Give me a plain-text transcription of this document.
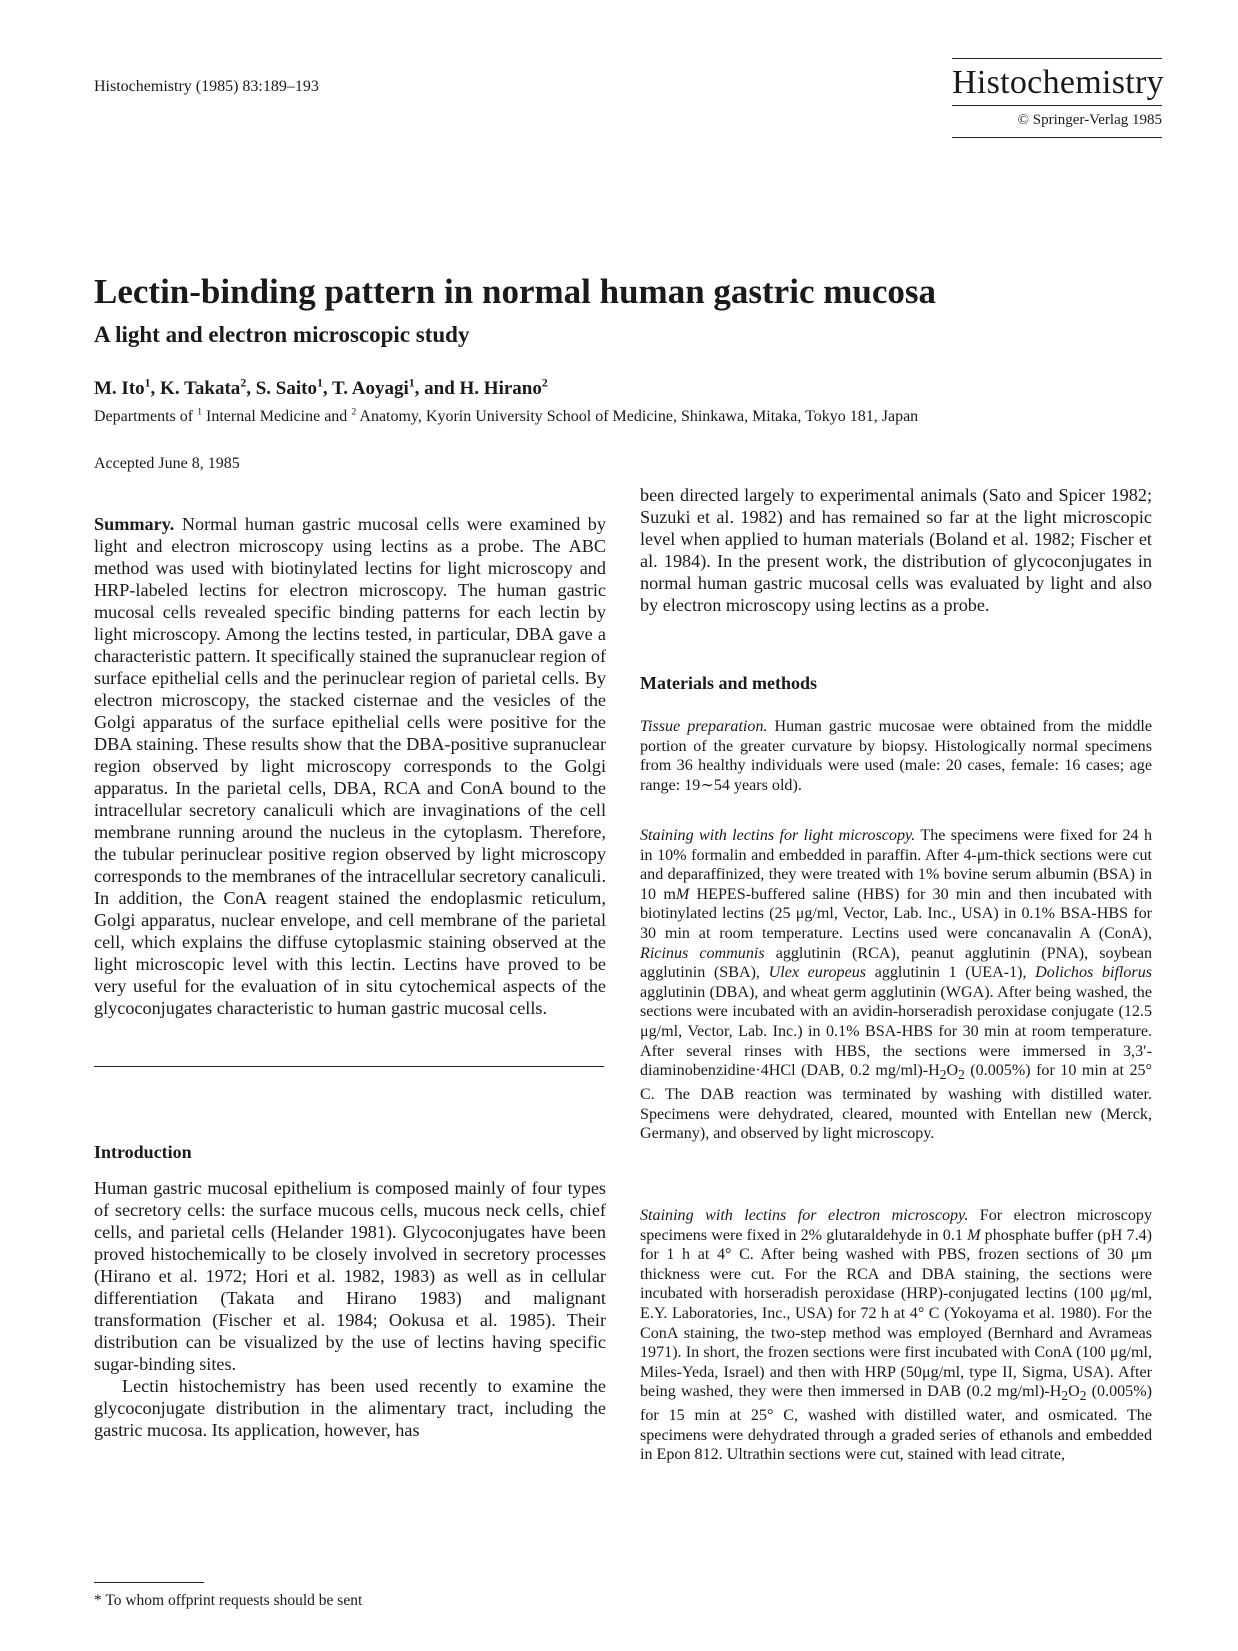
Histochemistry (1985) 83:189–193	Histochemistry
© Springer-Verlag 1985
Lectin-binding pattern in normal human gastric mucosa
A light and electron microscopic study
M. Ito$^1$, K. Takata$^2$, S. Saito$^1$, T. Aoyagi$^1$, and H. Hirano$^2$
Departments of $^1$ Internal Medicine and $^2$ Anatomy, Kyorin University School of Medicine, Shinkawa, Mitaka, Tokyo 181, Japan
Accepted June 8, 1985

Summary. Normal human gastric mucosal cells were examined by light and electron microscopy using lectins as a probe. The ABC method was used with biotinylated lectins for light microscopy and HRP-labeled lectins for electron microscopy. The human gastric mucosal cells revealed specific binding patterns for each lectin by light microscopy. Among the lectins tested, in particular, DBA gave a characteristic pattern. It specifically stained the supranuclear region of surface epithelial cells and the perinuclear region of parietal cells. By electron microscopy, the stacked cisternae and the vesicles of the Golgi apparatus of the surface epithelial cells were positive for the DBA staining. These results show that the DBA-positive supranuclear region observed by light microscopy corresponds to the Golgi apparatus. In the parietal cells, DBA, RCA and ConA bound to the intracellular secretory canaliculi which are invaginations of the cell membrane running around the nucleus in the cytoplasm. Therefore, the tubular perinuclear positive region observed by light microscopy corresponds to the membranes of the intracellular secretory canaliculi. In addition, the ConA reagent stained the endoplasmic reticulum, Golgi apparatus, nuclear envelope, and cell membrane of the parietal cell, which explains the diffuse cytoplasmic staining observed at the light microscopic level with this lectin. Lectins have proved to be very useful for the evaluation of in situ cytochemical aspects of the glycoconjugates characteristic to human gastric mucosal cells.

Introduction

Human gastric mucosal epithelium is composed mainly of four types of secretory cells: the surface mucous cells, mucous neck cells, chief cells, and parietal cells (Helander 1981). Glycoconjugates have been proved histochemically to be closely involved in secretory processes (Hirano et al. 1972; Hori et al. 1982, 1983) as well as in cellular differentiation (Takata and Hirano 1983) and malignant transformation (Fischer et al. 1984; Ookusa et al. 1985). Their distribution can be visualized by the use of lectins having specific sugar-binding sites.

Lectin histochemistry has been used recently to examine the glycoconjugate distribution in the alimentary tract, including the gastric mucosa. Its application, however, has

been directed largely to experimental animals (Sato and Spicer 1982; Suzuki et al. 1982) and has remained so far at the light microscopic level when applied to human materials (Boland et al. 1982; Fischer et al. 1984). In the present work, the distribution of glycoconjugates in normal human gastric mucosal cells was evaluated by light and also by electron microscopy using lectins as a probe.

Materials and methods

Tissue preparation. Human gastric mucosae were obtained from the middle portion of the greater curvature by biopsy. Histologically normal specimens from 36 healthy individuals were used (male: 20 cases, female: 16 cases; age range: 19∼54 years old).

Staining with lectins for light microscopy. The specimens were fixed for 24 h in 10% formalin and embedded in paraffin. After 4-μm-thick sections were cut and deparaffinized, they were treated with 1% bovine serum albumin (BSA) in 10 mM HEPES-buffered saline (HBS) for 30 min and then incubated with biotinylated lectins (25 μg/ml, Vector, Lab. Inc., USA) in 0.1% BSA-HBS for 30 min at room temperature. Lectins used were concanavalin A (ConA), Ricinus communis agglutinin (RCA), peanut agglutinin (PNA), soybean agglutinin (SBA), Ulex europeus agglutinin 1 (UEA-1), Dolichos biflorus agglutinin (DBA), and wheat germ agglutinin (WGA). After being washed, the sections were incubated with an avidin-horseradish peroxidase conjugate (12.5 μg/ml, Vector, Lab. Inc.) in 0.1% BSA-HBS for 30 min at room temperature. After several rinses with HBS, the sections were immersed in 3,3′-diaminobenzidine·4HCl (DAB, 0.2 $mg/ml)-H_2O_2$ (0.005%) for 10 min at 25° C. The DAB reaction was terminated by washing with distilled water. Specimens were dehydrated, cleared, mounted with Entellan new (Merck, Germany), and observed by light microscopy.

Staining with lectins for electron microscopy. For electron microscopy specimens were fixed in 2% glutaraldehyde in 0.1 M phosphate buffer (pH 7.4) for 1 h at 4° C. After being washed with PBS, frozen sections of 30 μm thickness were cut. For the RCA and DBA staining, the sections were incubated with horseradish peroxidase (HRP)-conjugated lectins (100 μg/ml, E.Y. Laboratories, Inc., USA) for 72 h at 4° C (Yokoyama et al. 1980). For the ConA staining, the two-step method was employed (Bernhard and Avrameas 1971). In short, the frozen sections were first incubated with ConA (100 μg/ml, Miles-Yeda, Israel) and then with HRP (50μg/ml, type II, Sigma, USA). After being washed, they were then immersed in DAB (0.2 $mg/ml)-H_2O_2$ (0.005%) for 15 min at 25° C, washed with distilled water, and osmicated. The specimens were dehydrated through a graded series of ethanols and embedded in Epon 812. Ultrathin sections were cut, stained with lead citrate,

* To whom offprint requests should be sent
